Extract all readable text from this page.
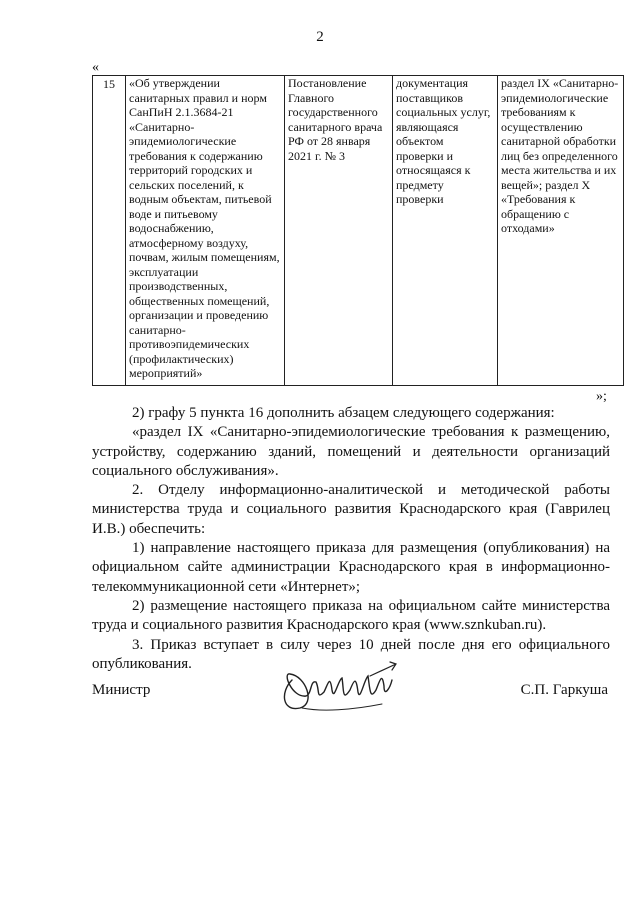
2
«
15	«Об утверждении санитарных правил и норм СанПиН 2.1.3684-21 «Санитарно-эпидемиологические требования к содержанию территорий городских и сельских поселений, к водным объектам, питьевой воде и питьевому водоснабжению, атмосферному воздуху, почвам, жилым помещениям, эксплуатации производственных, общественных помещений, организации и проведению санитарно-противоэпидемических (профилактических) мероприятий»	Постановление Главного государственного санитарного врача РФ от 28 января 2021 г. № 3	документация поставщиков социальных услуг, являющаяся объектом проверки и относящаяся к предмету проверки	раздел IX «Санитарно-эпидемиологические требованиям к осуществлению санитарной обработки лиц без определенного места жительства и их вещей»; раздел X «Требования к обращению с отходами»
»;

2) графу 5 пункта 16 дополнить абзацем следующего содержания:

«раздел IX «Санитарно-эпидемиологические требования к размещению, устройству, содержанию зданий, помещений и деятельности организаций социального обслуживания».

2. Отделу информационно-аналитической и методической работы министерства труда и социального развития Краснодарского края (Гаврилец И.В.) обеспечить:

1) направление настоящего приказа для размещения (опубликования) на официальном сайте администрации Краснодарского края в информационно-телекоммуникационной сети «Интернет»;

2) размещение настоящего приказа на официальном сайте министерства труда и социального развития Краснодарского края (www.sznkuban.ru).

3. Приказ вступает в силу через 10 дней после дня его официального опубликования.

Министр	С.П. Гаркуша
